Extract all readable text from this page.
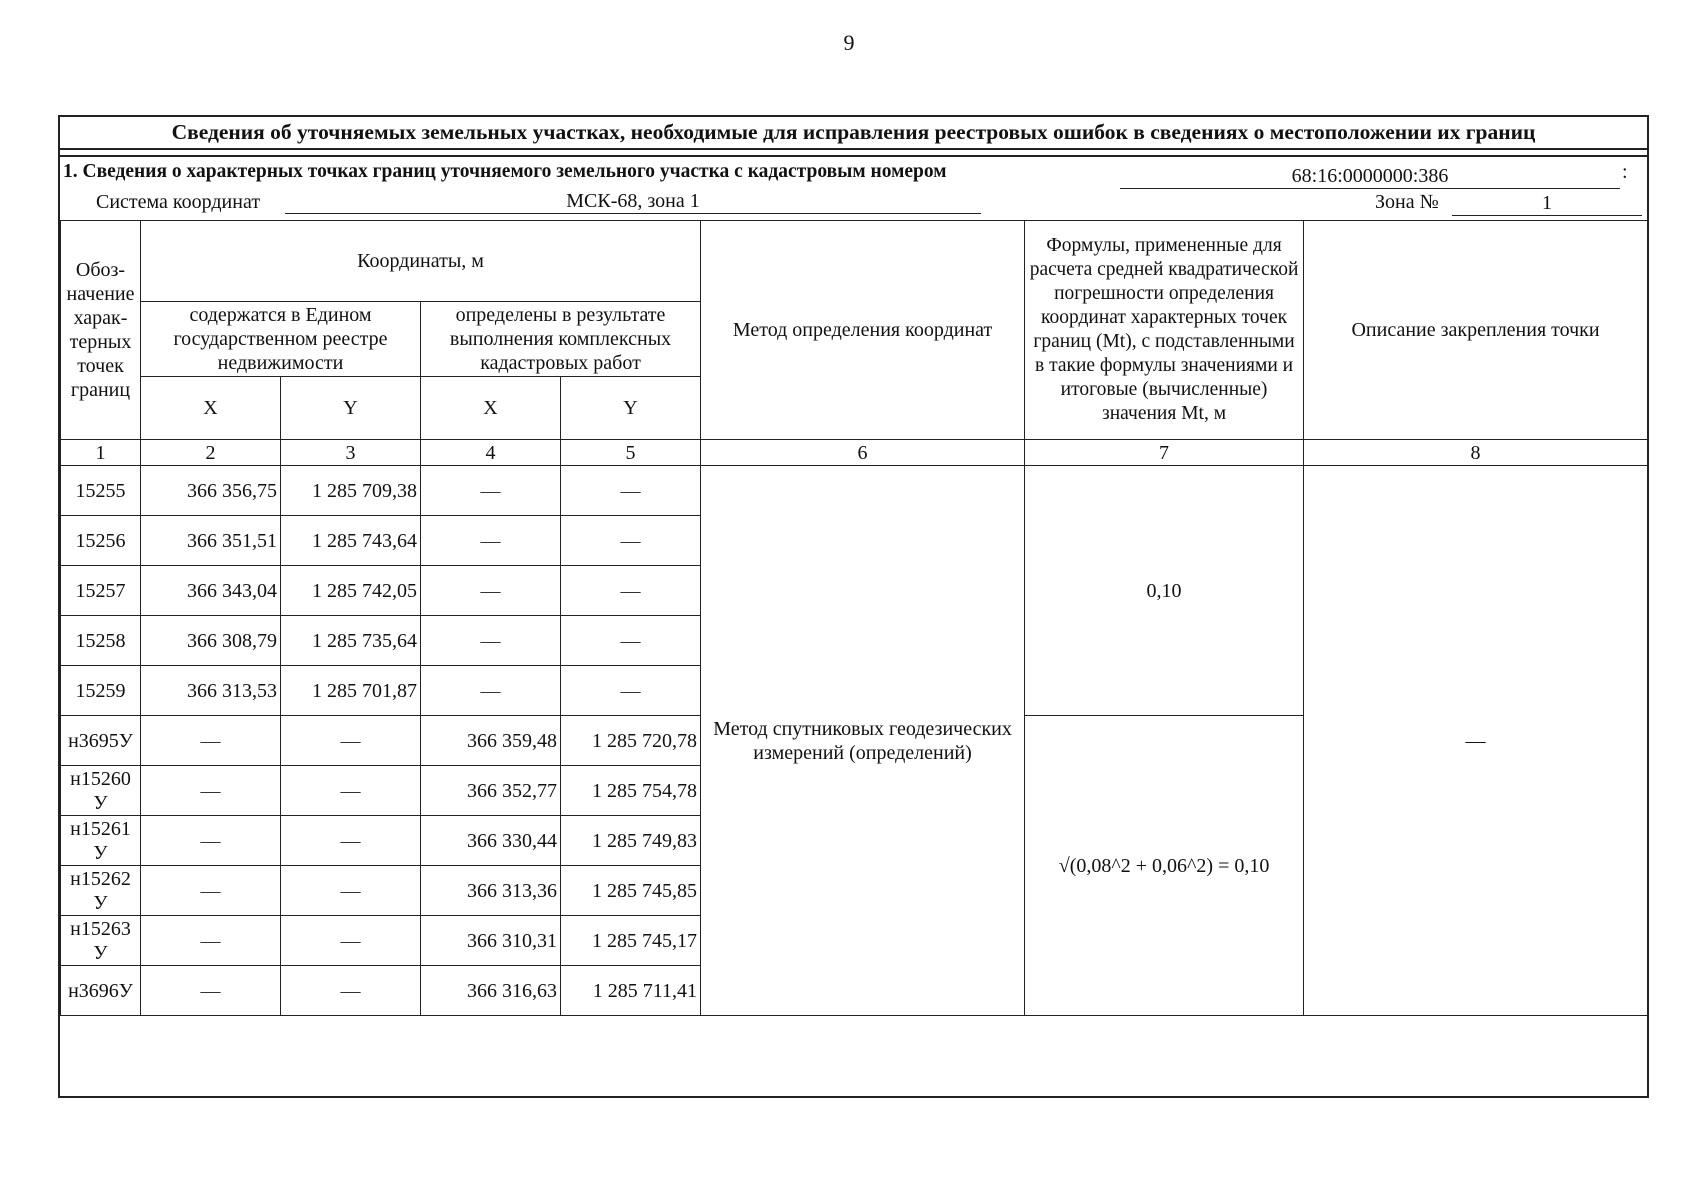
9
Сведения об уточняемых земельных участках, необходимые для исправления реестровых ошибок в сведениях о местоположении их границ
1. Сведения о характерных точках границ уточняемого земельного участка с кадастровым номером	68:16:0000000:386	:
Система координат	МСК-68, зона 1	Зона №	1
Обоз-начение харак-терных точек границ	Координаты, м				Метод определения координат	Формулы, примененные для расчета средней квадратической погрешности определения координат характерных точек границ (Mt), с подставленными в такие формулы значениями и итоговые (вычисленные) значения Mt, м	Описание закрепления точки
	содержатся в Едином государственном реестре недвижимости		определены в результате выполнения комплексных кадастровых работ				
	X	Y	X	Y			
1	2	3	4	5	6	7	8
15255	366 356,75	1 285 709,38	—	—	Метод спутниковых геодезических измерений (определений)	0,10	—
15256	366 351,51	1 285 743,64	—	—			
15257	366 343,04	1 285 742,05	—	—			
15258	366 308,79	1 285 735,64	—	—			
15259	366 313,53	1 285 701,87	—	—			
н3695У	—	—	366 359,48	1 285 720,78		√(0,08^2 + 0,06^2) = 0,10	
н15260 У	—	—	366 352,77	1 285 754,78			
н15261 У	—	—	366 330,44	1 285 749,83			
н15262 У	—	—	366 313,36	1 285 745,85			
н15263 У	—	—	366 310,31	1 285 745,17			
н3696У	—	—	366 316,63	1 285 711,41			
